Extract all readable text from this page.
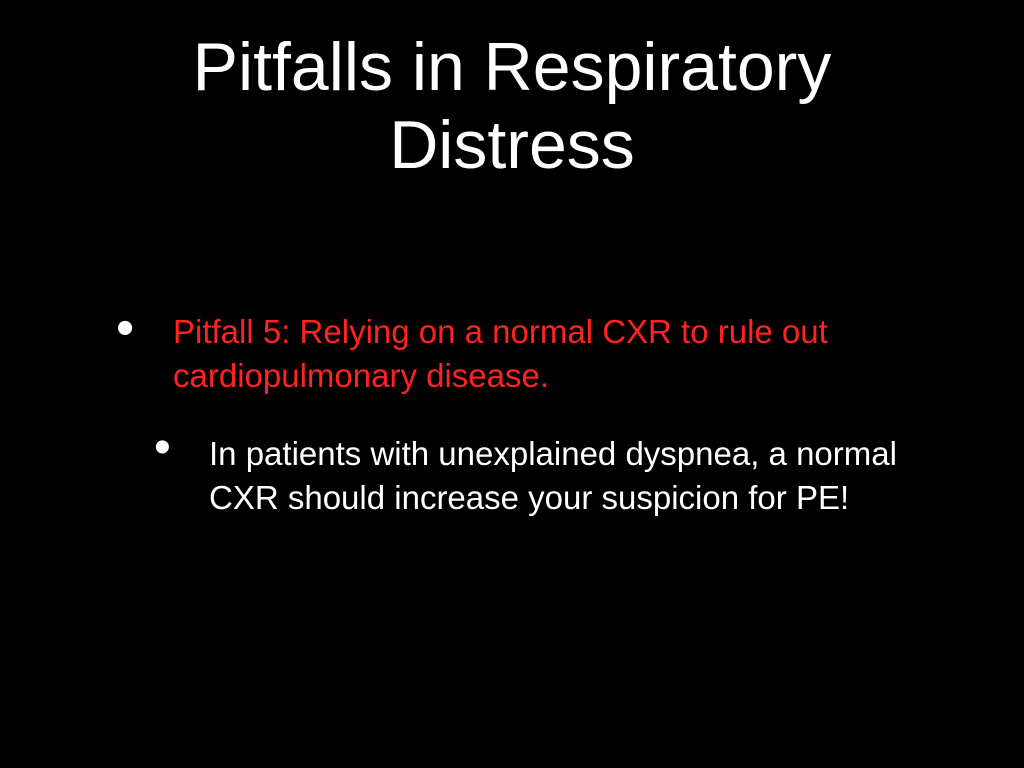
Pitfalls in Respiratory Distress
• Pitfall 5: Relying on a normal CXR to rule out cardiopulmonary disease.
• In patients with unexplained dyspnea, a normal CXR should increase your suspicion for PE!
